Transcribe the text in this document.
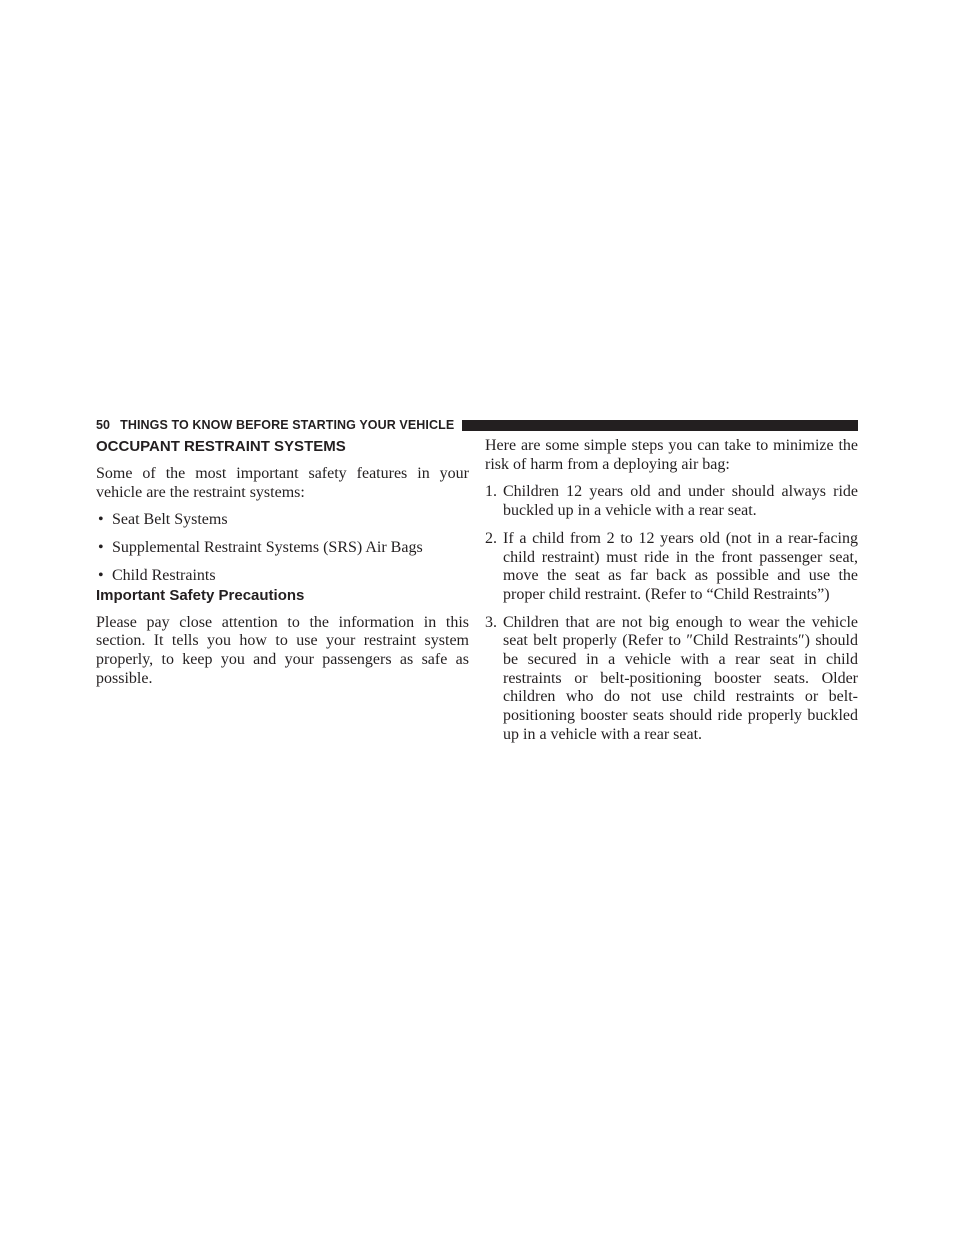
50 THINGS TO KNOW BEFORE STARTING YOUR VEHICLE
OCCUPANT RESTRAINT SYSTEMS

Some of the most important safety features in your vehicle are the restraint systems:

• Seat Belt Systems
• Supplemental Restraint Systems (SRS) Air Bags
• Child Restraints
Important Safety Precautions

Please pay close attention to the information in this section. It tells you how to use your restraint system properly, to keep you and your passengers as safe as possible.

Here are some simple steps you can take to minimize the risk of harm from a deploying air bag:

1. Children 12 years old and under should always ride buckled up in a vehicle with a rear seat.
2. If a child from 2 to 12 years old (not in a rear-facing child restraint) must ride in the front passenger seat, move the seat as far back as possible and use the proper child restraint. (Refer to “Child Restraints”)
3. Children that are not big enough to wear the vehicle seat belt properly (Refer to ″Child Restraints″) should be secured in a vehicle with a rear seat in child restraints or belt-positioning booster seats. Older children who do not use child restraints or belt-positioning booster seats should ride properly buckled up in a vehicle with a rear seat.
